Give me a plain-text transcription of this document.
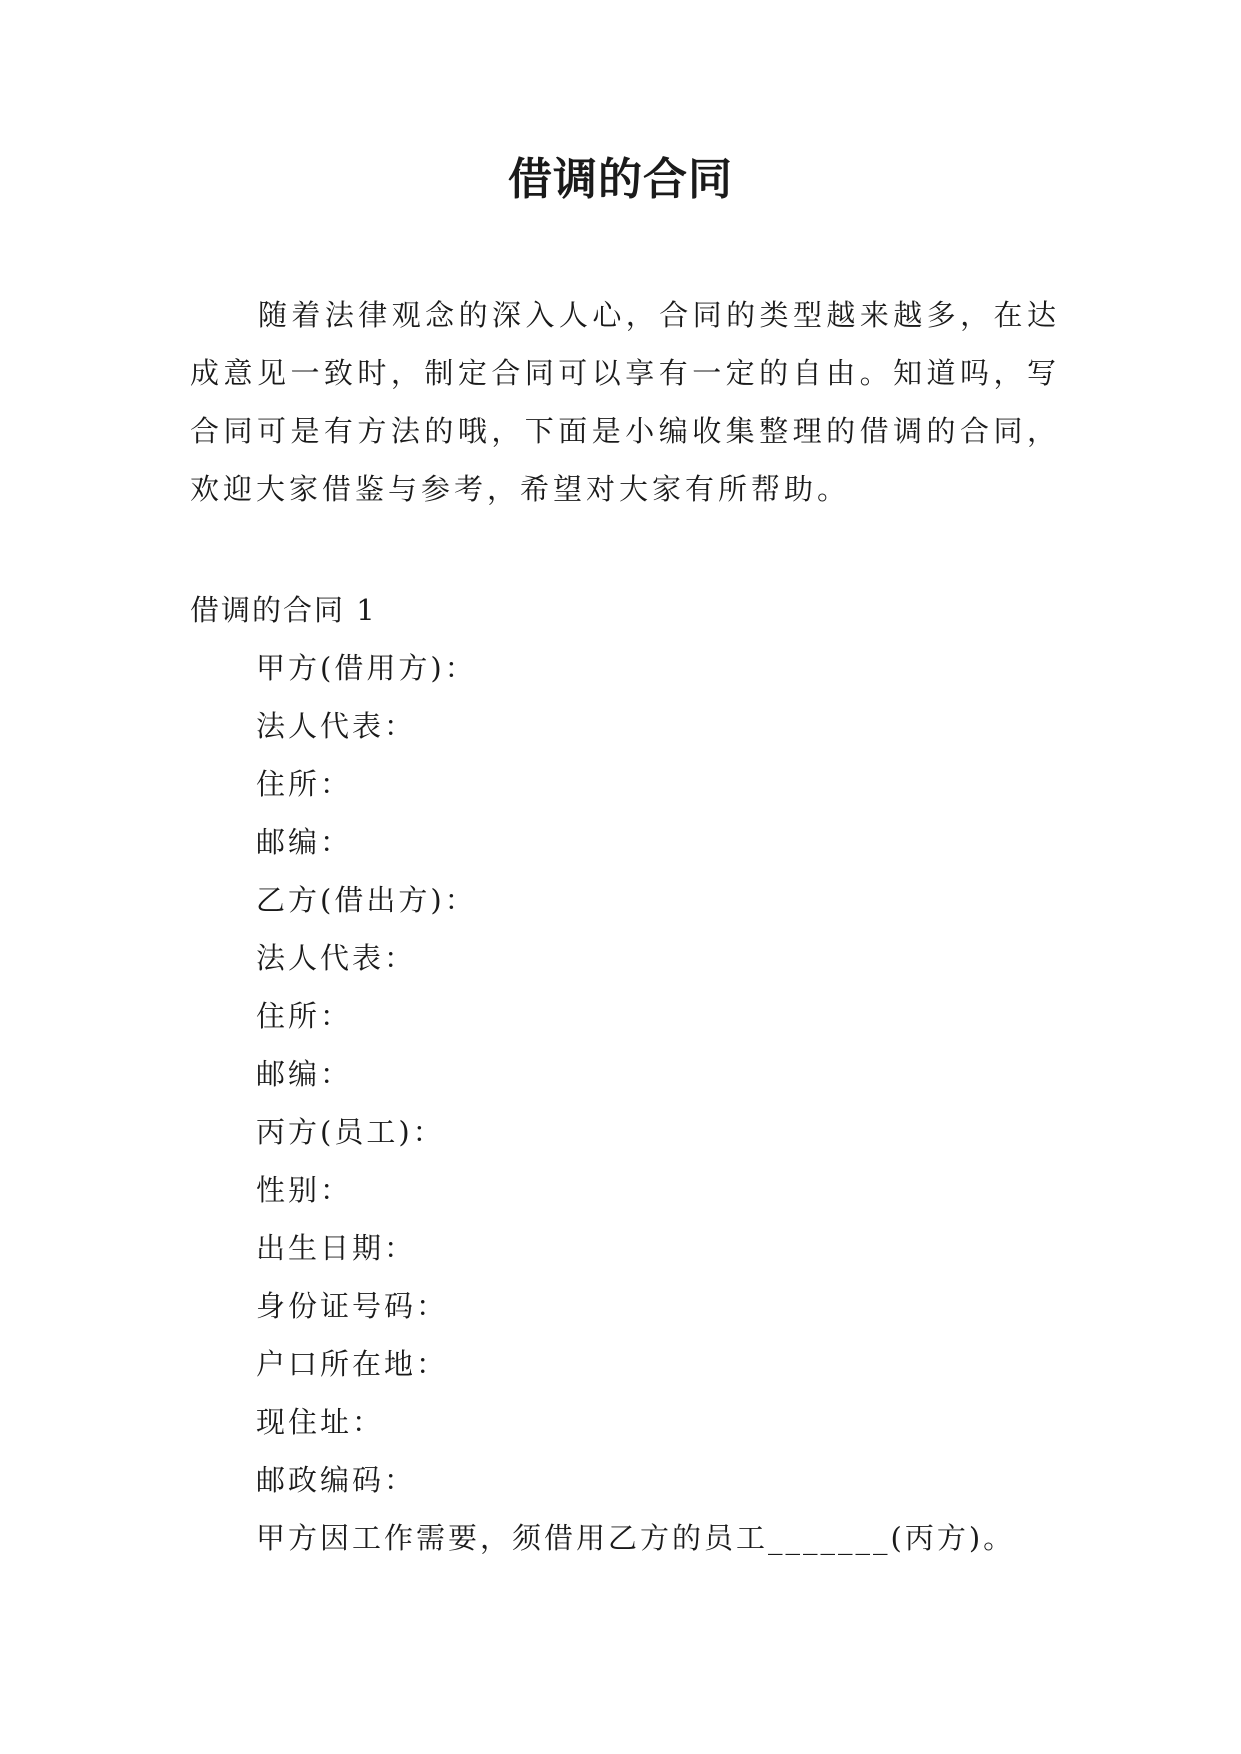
借调的合同

随着法律观念的深入人心，合同的类型越来越多，在达成意见一致时，制定合同可以享有一定的自由。知道吗，写合同可是有方法的哦，下面是小编收集整理的借调的合同，欢迎大家借鉴与参考，希望对大家有所帮助。

借调的合同 1
甲方(借用方)：
法人代表：
住所：
邮编：
乙方(借出方)：
法人代表：
住所：
邮编：
丙方(员工)：
性别：
出生日期：
身份证号码：
户口所在地：
现住址：
邮政编码：
甲方因工作需要，须借用乙方的员工_______(丙方)。
